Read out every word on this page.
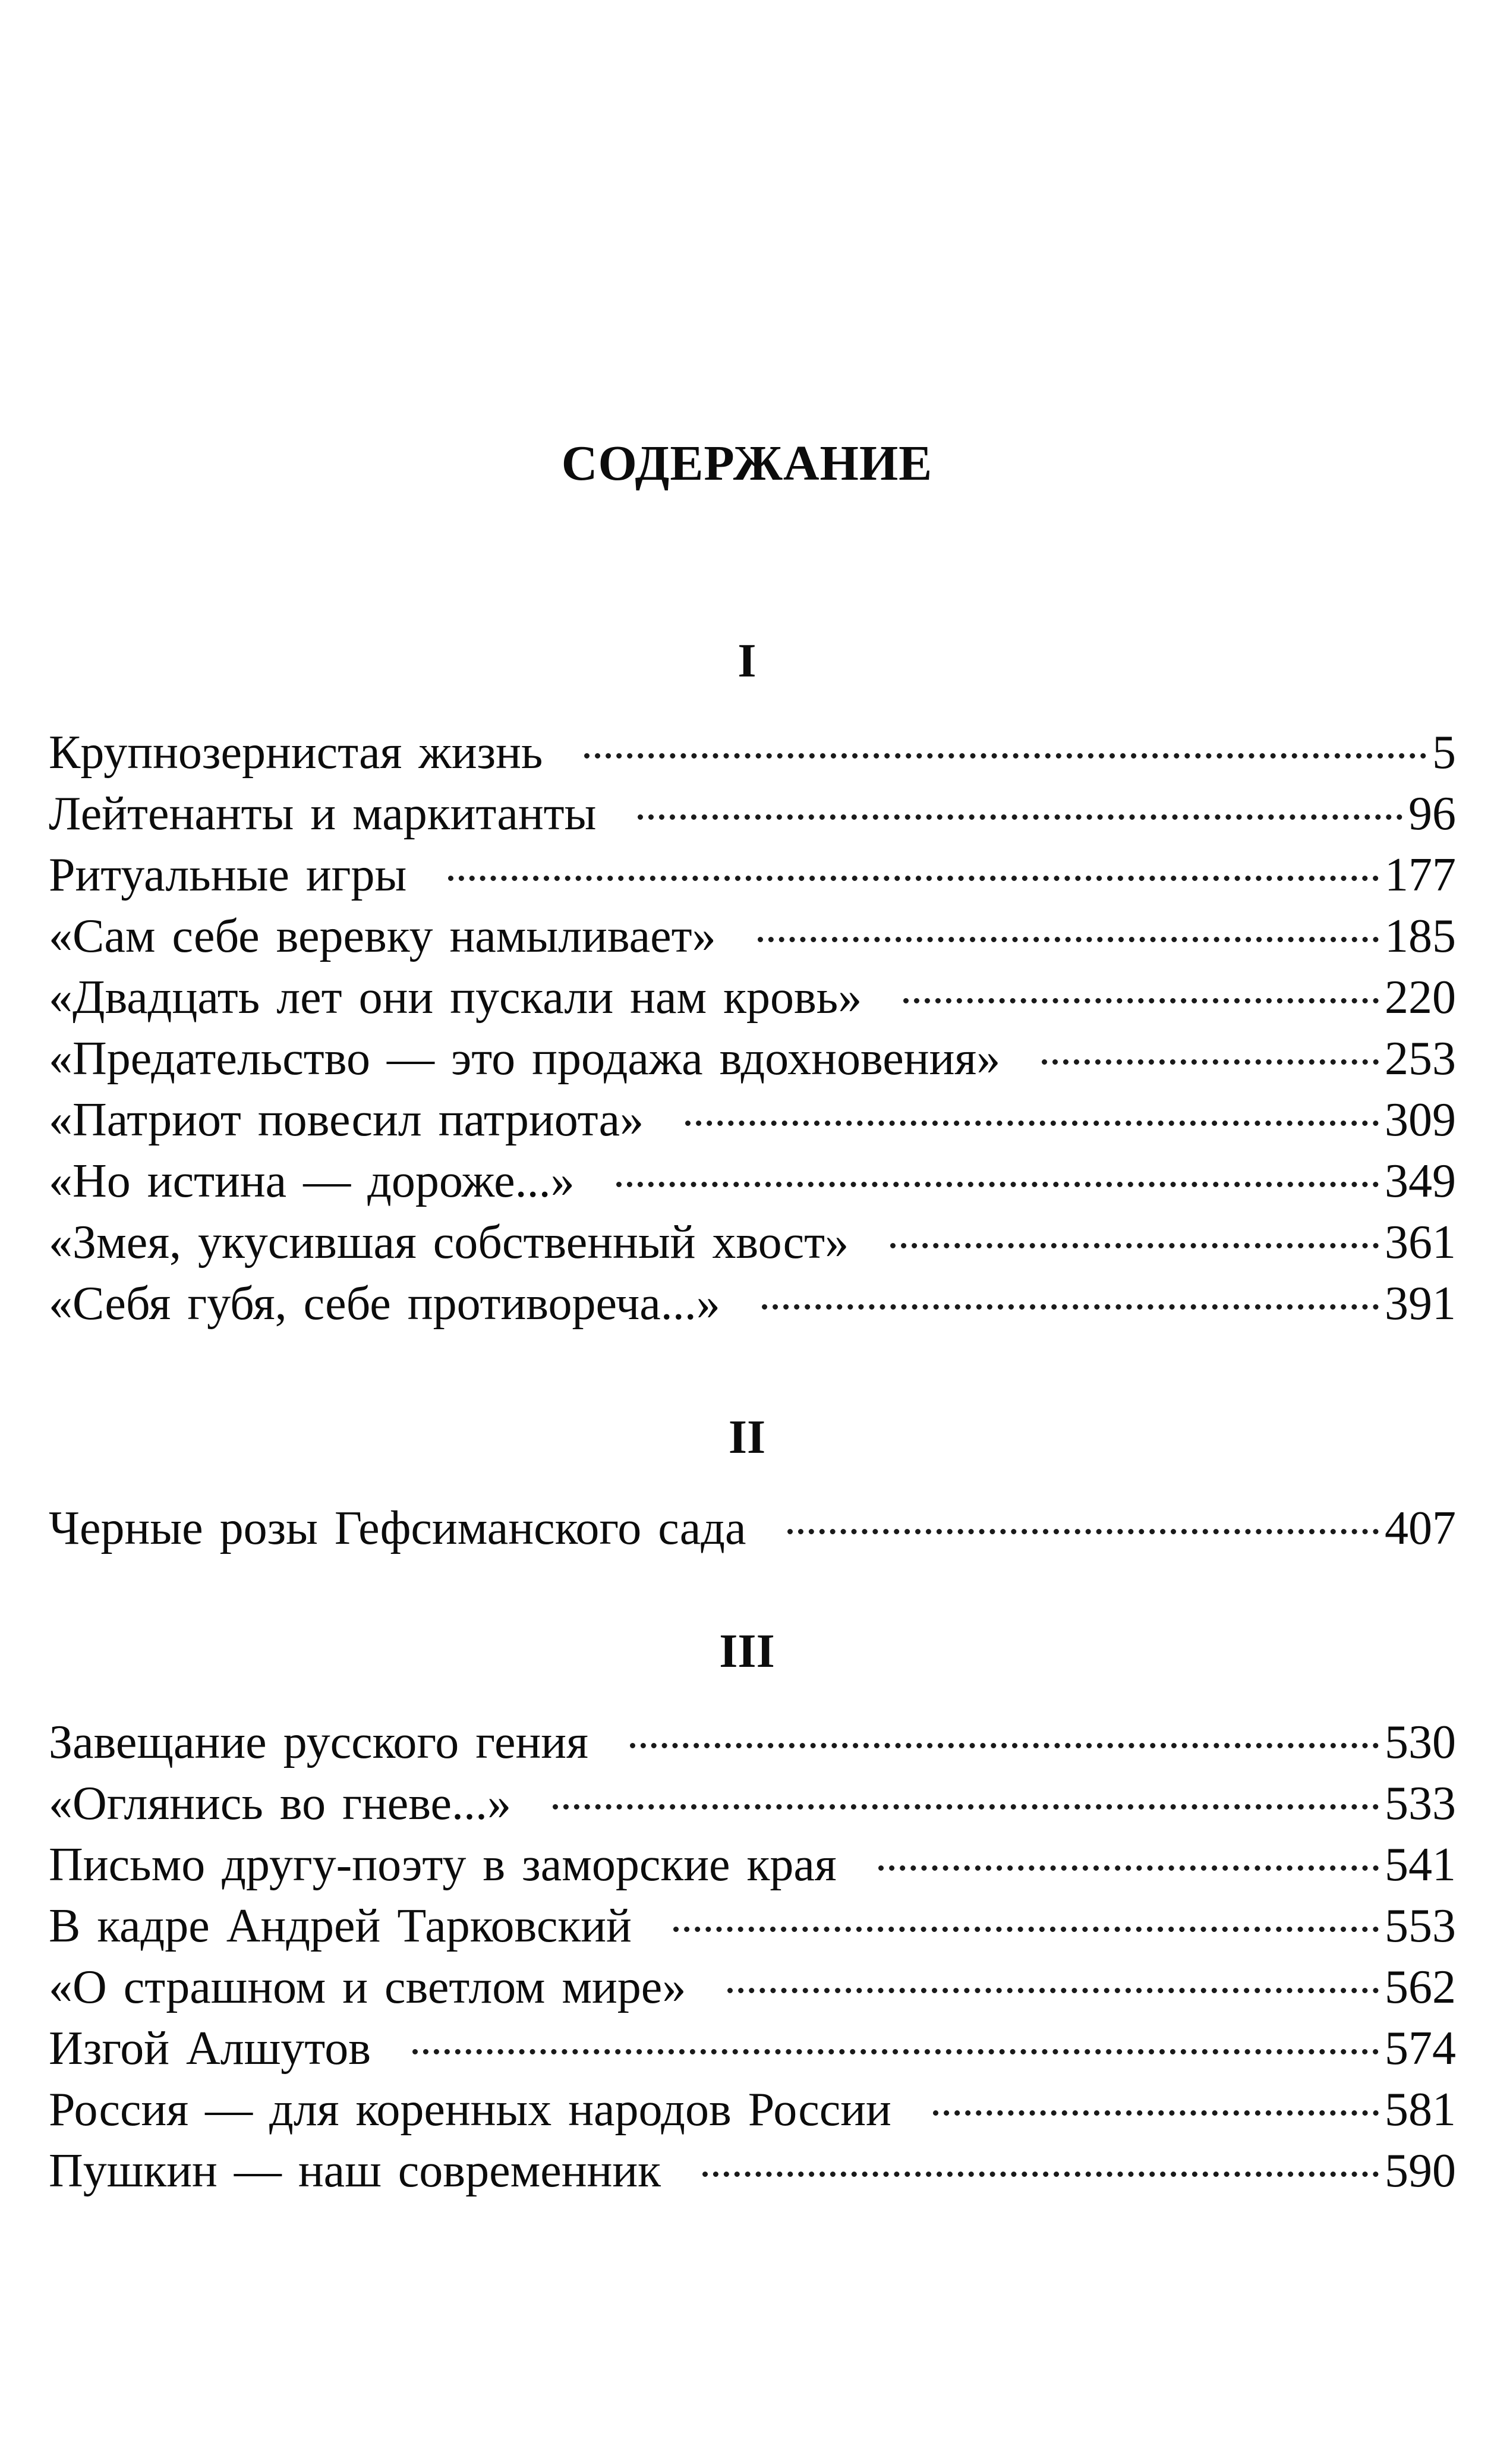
СОДЕРЖАНИЕ
I
Крупнозернистая жизнь	5
Лейтенанты и маркитанты	96
Ритуальные игры	177
«Сам себе веревку намыливает»	185
«Двадцать лет они пускали нам кровь»	220
«Предательство — это продажа вдохновения»	253
«Патриот повесил патриота»	309
«Но истина — дороже...»	349
«Змея, укусившая собственный хвост»	361
«Себя губя, себе противореча...»	391
II
Черные розы Гефсиманского сада	407
III
Завещание русского гения	530
«Оглянись во гневе...»	533
Письмо другу-поэту в заморские края	541
В кадре Андрей Тарковский	553
«О страшном и светлом мире»	562
Изгой Алшутов	574
Россия — для коренных народов России	581
Пушкин — наш современник	590
